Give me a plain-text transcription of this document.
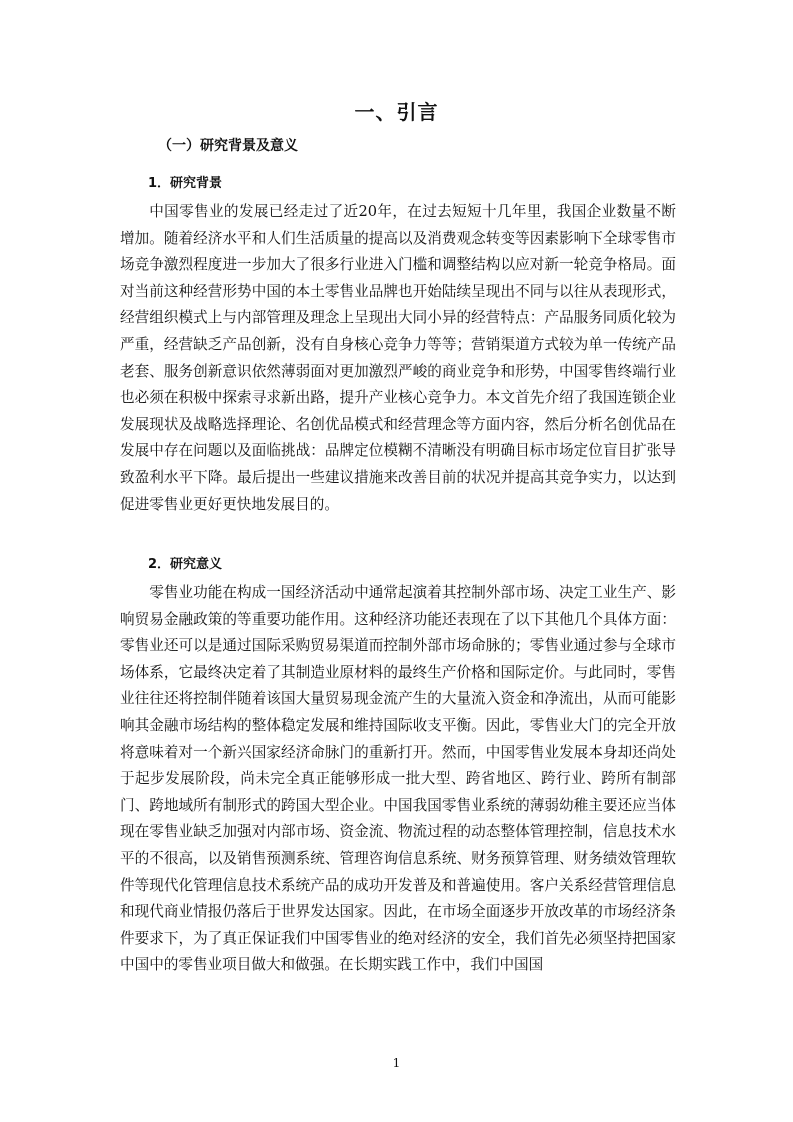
一、引言
（一）研究背景及意义
1．研究背景

中国零售业的发展已经走过了近20年，在过去短短十几年里，我国企业数量不断增加。随着经济水平和人们生活质量的提高以及消费观念转变等因素影响下全球零售市场竞争激烈程度进一步加大了很多行业进入门槛和调整结构以应对新一轮竞争格局。面对当前这种经营形势中国的本土零售业品牌也开始陆续呈现出不同与以往从表现形式，经营组织模式上与内部管理及理念上呈现出大同小异的经营特点：产品服务同质化较为严重，经营缺乏产品创新，没有自身核心竞争力等等；营销渠道方式较为单一传统产品老套、服务创新意识依然薄弱面对更加激烈严峻的商业竞争和形势，中国零售终端行业也必须在积极中探索寻求新出路，提升产业核心竞争力。本文首先介绍了我国连锁企业发展现状及战略选择理论、名创优品模式和经营理念等方面内容，然后分析名创优品在发展中存在问题以及面临挑战：品牌定位模糊不清晰没有明确目标市场定位盲目扩张导致盈利水平下降。最后提出一些建议措施来改善目前的状况并提高其竞争实力，以达到促进零售业更好更快地发展目的。

2．研究意义

零售业功能在构成一国经济活动中通常起演着其控制外部市场、决定工业生产、影响贸易金融政策的等重要功能作用。这种经济功能还表现在了以下其他几个具体方面：零售业还可以是通过国际采购贸易渠道而控制外部市场命脉的；零售业通过参与全球市场体系，它最终决定着了其制造业原材料的最终生产价格和国际定价。与此同时，零售业往往还将控制伴随着该国大量贸易现金流产生的大量流入资金和净流出，从而可能影响其金融市场结构的整体稳定发展和维持国际收支平衡。因此，零售业大门的完全开放将意味着对一个新兴国家经济命脉门的重新打开。然而，中国零售业发展本身却还尚处于起步发展阶段，尚未完全真正能够形成一批大型、跨省地区、跨行业、跨所有制部门、跨地域所有制形式的跨国大型企业。中国我国零售业系统的薄弱幼稚主要还应当体现在零售业缺乏加强对内部市场、资金流、物流过程的动态整体管理控制，信息技术水平的不很高，以及销售预测系统、管理咨询信息系统、财务预算管理、财务绩效管理软件等现代化管理信息技术系统产品的成功开发普及和普遍使用。客户关系经营管理信息和现代商业情报仍落后于世界发达国家。因此，在市场全面逐步开放改革的市场经济条件要求下，为了真正保证我们中国零售业的绝对经济的安全，我们首先必须坚持把国家中国中的零售业项目做大和做强。在长期实践工作中，我们中国国

1
